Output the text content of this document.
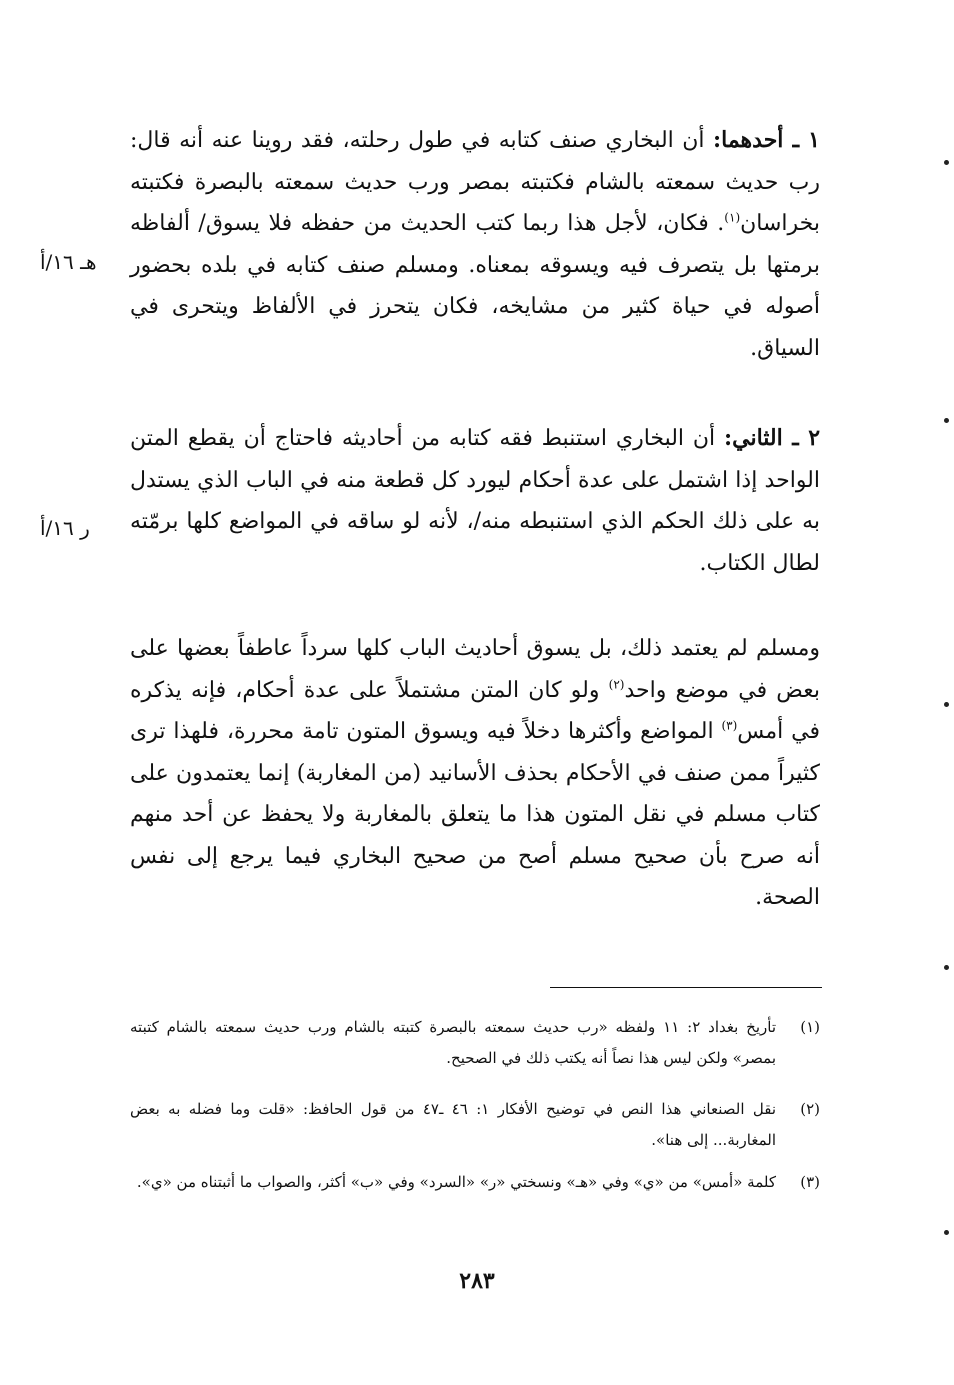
١ ـ أحدهما: أن البخاري صنف كتابه في طول رحلته، فقد روينا عنه أنه قال: رب حديث سمعته بالشام فكتبته بمصر ورب حديث سمعته بالبصرة فكتبته بخراسان$^{(١)}$. فكان، لأجل هذا ربما كتب الحديث من حفظه فلا يسوق/ ألفاظه برمتها بل يتصرف فيه ويسوقه بمعناه. ومسلم صنف كتابه في بلده بحضور أصوله في حياة كثير من مشايخه، فكان يتحرز في الألفاظ ويتحرى في السياق.

٢ ـ الثاني: أن البخاري استنبط فقه كتابه من أحاديثه فاحتاج أن يقطع المتن الواحد إذا اشتمل على عدة أحكام ليورد كل قطعة منه في الباب الذي يستدل به على ذلك الحكم الذي استنبطه منه/، لأنه لو ساقه في المواضع كلها برمّته لطال الكتاب.

ومسلم لم يعتمد ذلك، بل يسوق أحاديث الباب كلها سرداً عاطفاً بعضها على بعض في موضع واحد$^{(٢)}$ ولو كان المتن مشتملاً على عدة أحكام، فإنه يذكره في أمس$^{(٣)}$ المواضع وأكثرها دخلاً فيه ويسوق المتون تامة محررة، فلهذا ترى كثيراً ممن صنف في الأحكام بحذف الأسانيد (من المغاربة) إنما يعتمدون على كتاب مسلم في نقل المتون هذا ما يتعلق بالمغاربة ولا يحفظ عن أحد منهم أنه صرح بأن صحيح مسلم أصح من صحيح البخاري فيما يرجع إلى نفس الصحة.

هـ ١٦/أ
ر ١٦/أ
(١)
تأريخ بغداد ٢: ١١ ولفظه «رب حديث سمعته بالبصرة كتبته بالشام ورب حديث سمعته بالشام كتبته بمصر» ولكن ليس هذا نصاً أنه يكتب ذلك في الصحيح.
(٢)
نقل الصنعاني هذا النص في توضيح الأفكار ١: ٤٦ ـ٤٧ من قول الحافظ: «قلت وما فضله به بعض المغاربة... إلى هنا».
(٣)
كلمة «أمس» من «ي» وفي «هـ» ونسختي «ر» «السرد» وفي «ب» أكثر، والصواب ما أثبتناه من «ي».
٢٨٣
